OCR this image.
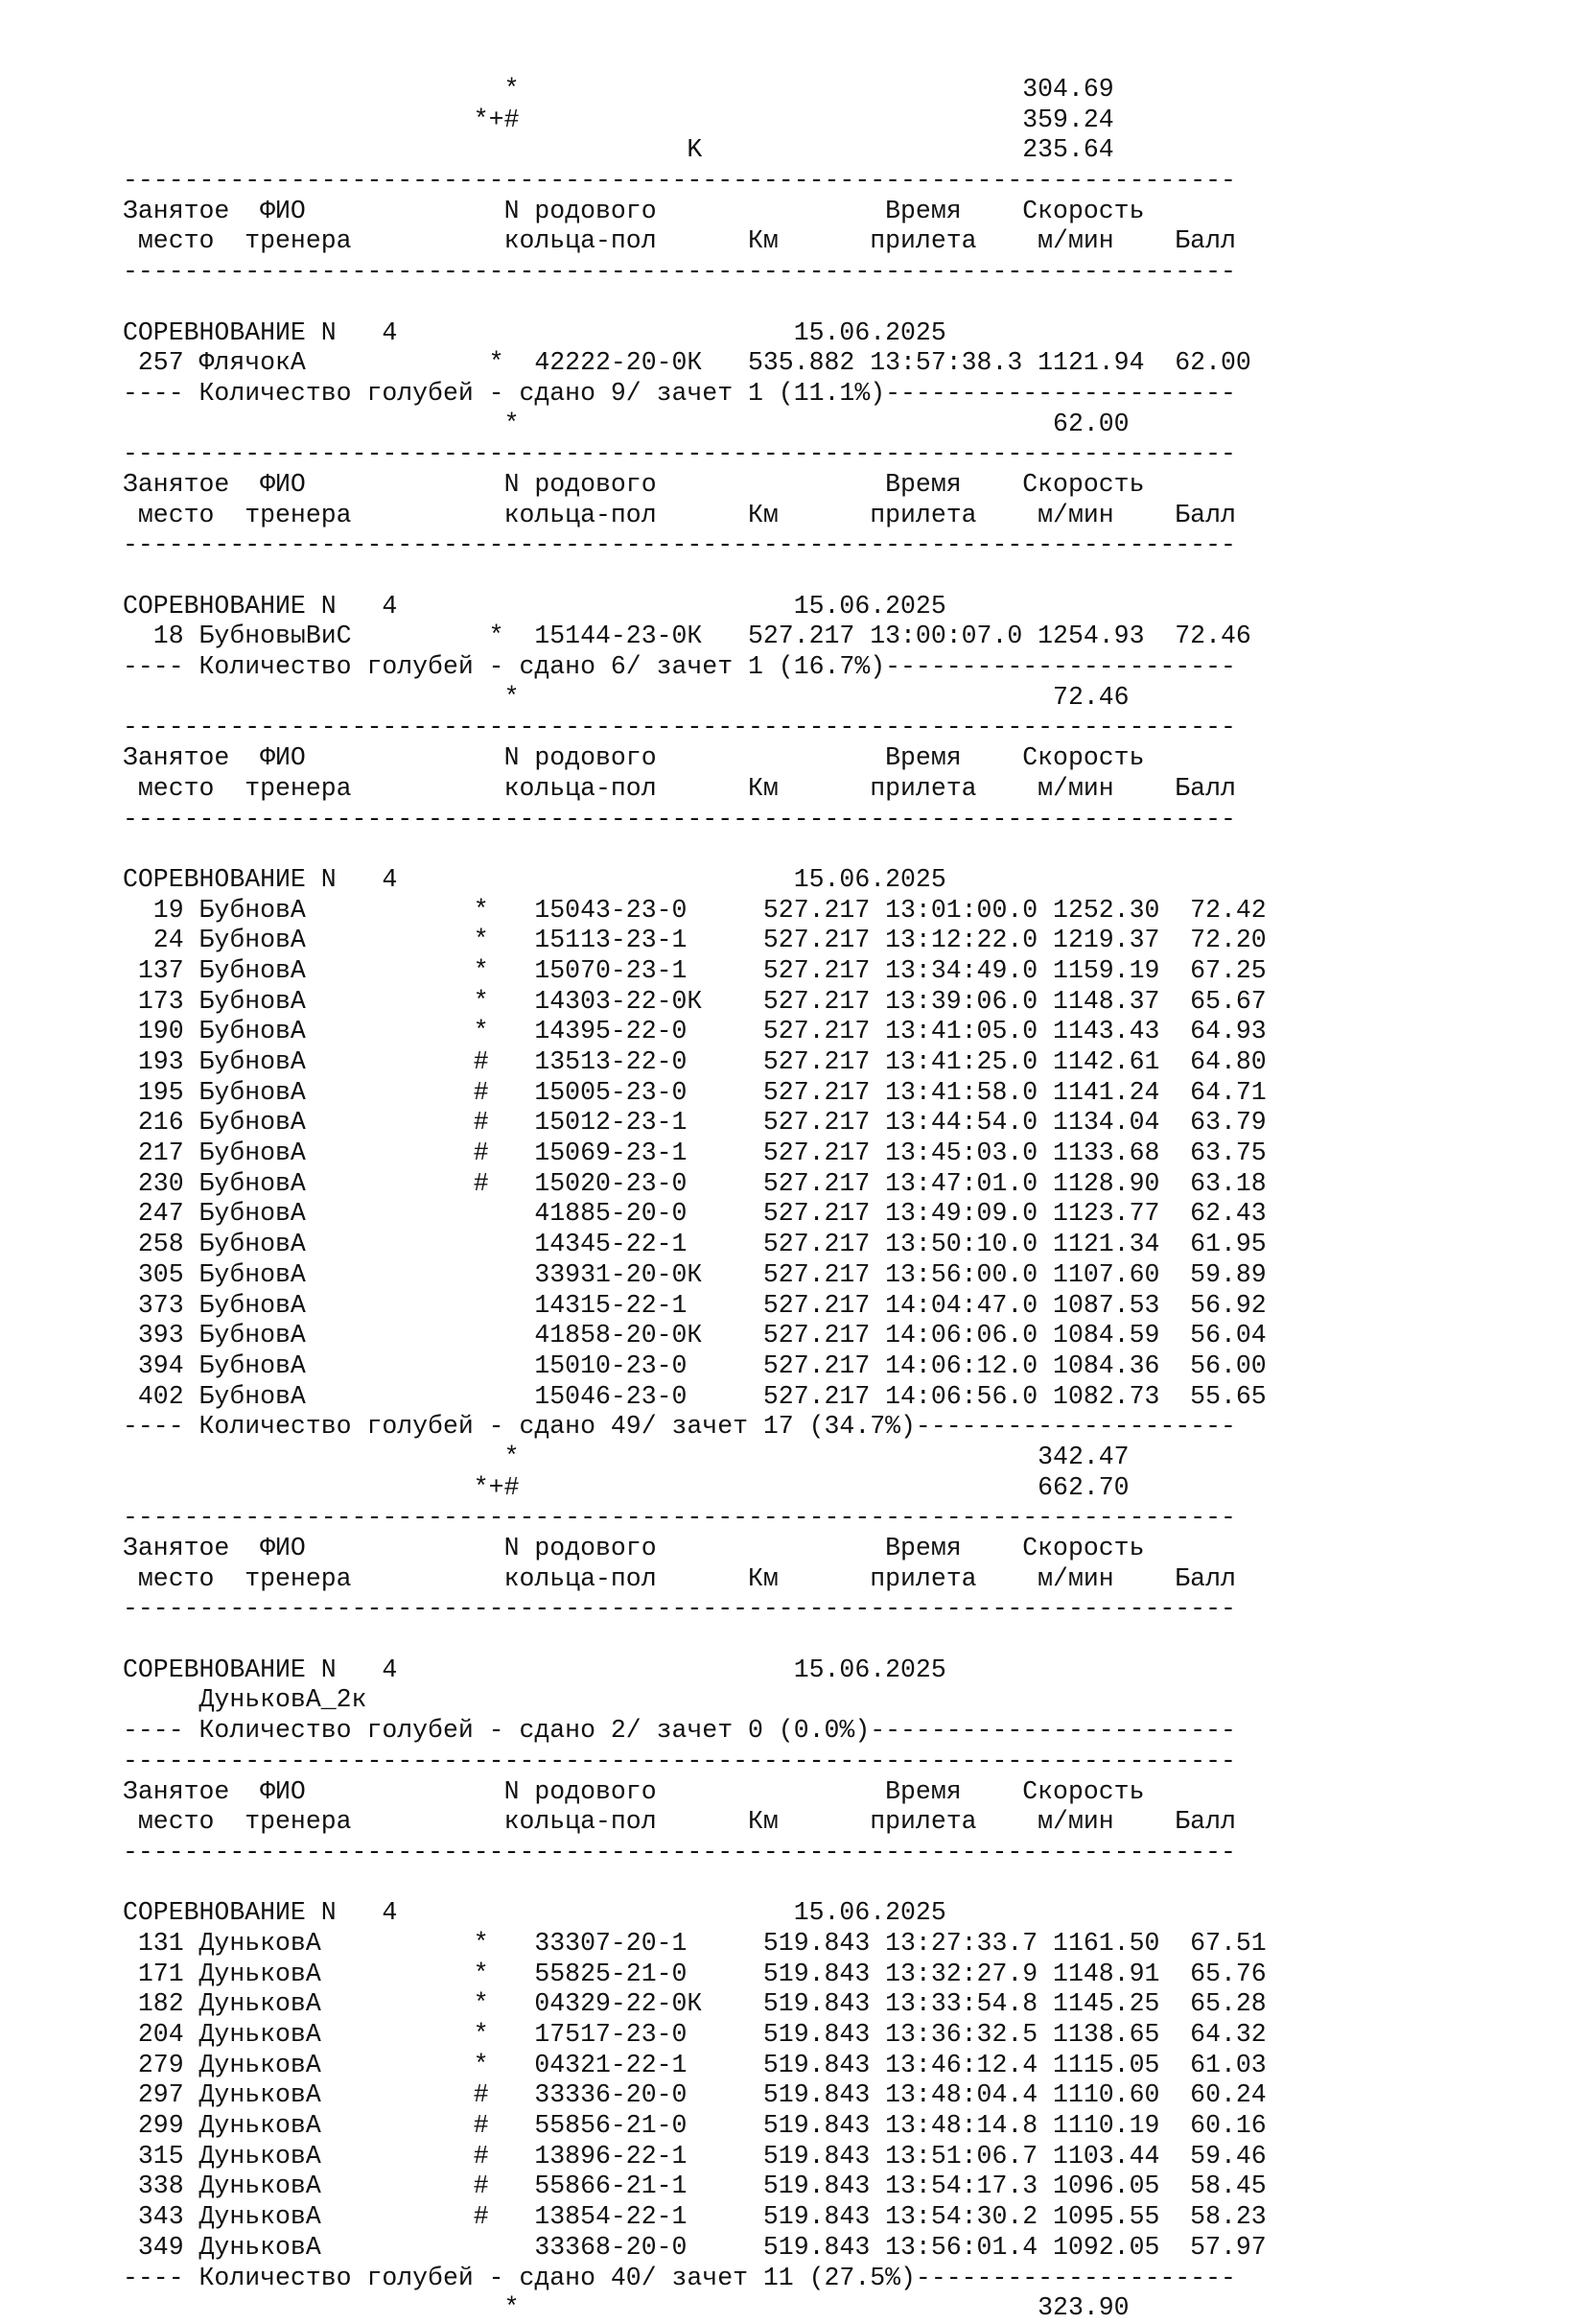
*                                 304.69
*+#                                 359.24
K                     235.64
-------------------------------------------------------------------------
Занятое  ФИО             N родового               Время    Скорость
место  тренера          кольца-пол      Км      прилета    м/мин    Балл
-------------------------------------------------------------------------
СОРЕВНОВАНИЕ N   4                          15.06.2025
257 ФлячокА            *  42222-20-0К   535.882 13:57:38.3 1121.94  62.00
---- Количество голубей - сдано 9/ зачет 1 (11.1%)-----------------------
*                                   62.00
-------------------------------------------------------------------------
Занятое  ФИО             N родового               Время    Скорость
место  тренера          кольца-пол      Км      прилета    м/мин    Балл
-------------------------------------------------------------------------
СОРЕВНОВАНИЕ N   4                          15.06.2025
18 БубновыВиС         *  15144-23-0К   527.217 13:00:07.0 1254.93  72.46
---- Количество голубей - сдано 6/ зачет 1 (16.7%)-----------------------
*                                   72.46
-------------------------------------------------------------------------
Занятое  ФИО             N родового               Время    Скорость
место  тренера          кольца-пол      Км      прилета    м/мин    Балл
-------------------------------------------------------------------------
СОРЕВНОВАНИЕ N   4                          15.06.2025
19 БубновА           *   15043-23-0     527.217 13:01:00.0 1252.30  72.42
24 БубновА           *   15113-23-1     527.217 13:12:22.0 1219.37  72.20
137 БубновА           *   15070-23-1     527.217 13:34:49.0 1159.19  67.25
173 БубновА           *   14303-22-0К    527.217 13:39:06.0 1148.37  65.67
190 БубновА           *   14395-22-0     527.217 13:41:05.0 1143.43  64.93
193 БубновА           #   13513-22-0     527.217 13:41:25.0 1142.61  64.80
195 БубновА           #   15005-23-0     527.217 13:41:58.0 1141.24  64.71
216 БубновА           #   15012-23-1     527.217 13:44:54.0 1134.04  63.79
217 БубновА           #   15069-23-1     527.217 13:45:03.0 1133.68  63.75
230 БубновА           #   15020-23-0     527.217 13:47:01.0 1128.90  63.18
247 БубновА               41885-20-0     527.217 13:49:09.0 1123.77  62.43
258 БубновА               14345-22-1     527.217 13:50:10.0 1121.34  61.95
305 БубновА               33931-20-0К    527.217 13:56:00.0 1107.60  59.89
373 БубновА               14315-22-1     527.217 14:04:47.0 1087.53  56.92
393 БубновА               41858-20-0К    527.217 14:06:06.0 1084.59  56.04
394 БубновА               15010-23-0     527.217 14:06:12.0 1084.36  56.00
402 БубновА               15046-23-0     527.217 14:06:56.0 1082.73  55.65
---- Количество голубей - сдано 49/ зачет 17 (34.7%)---------------------
*                                  342.47
*+#                                  662.70
-------------------------------------------------------------------------
Занятое  ФИО             N родового               Время    Скорость
место  тренера          кольца-пол      Км      прилета    м/мин    Балл
-------------------------------------------------------------------------
СОРЕВНОВАНИЕ N   4                          15.06.2025
ДуньковА_2к
---- Количество голубей - сдано 2/ зачет 0 (0.0%)------------------------
-------------------------------------------------------------------------
Занятое  ФИО             N родового               Время    Скорость
место  тренера          кольца-пол      Км      прилета    м/мин    Балл
-------------------------------------------------------------------------
СОРЕВНОВАНИЕ N   4                          15.06.2025
131 ДуньковА          *   33307-20-1     519.843 13:27:33.7 1161.50  67.51
171 ДуньковА          *   55825-21-0     519.843 13:32:27.9 1148.91  65.76
182 ДуньковА          *   04329-22-0К    519.843 13:33:54.8 1145.25  65.28
204 ДуньковА          *   17517-23-0     519.843 13:36:32.5 1138.65  64.32
279 ДуньковА          *   04321-22-1     519.843 13:46:12.4 1115.05  61.03
297 ДуньковА          #   33336-20-0     519.843 13:48:04.4 1110.60  60.24
299 ДуньковА          #   55856-21-0     519.843 13:48:14.8 1110.19  60.16
315 ДуньковА          #   13896-22-1     519.843 13:51:06.7 1103.44  59.46
338 ДуньковА          #   55866-21-1     519.843 13:54:17.3 1096.05  58.45
343 ДуньковА          #   13854-22-1     519.843 13:54:30.2 1095.55  58.23
349 ДуньковА              33368-20-0     519.843 13:56:01.4 1092.05  57.97
---- Количество голубей - сдано 40/ зачет 11 (27.5%)---------------------
*                                  323.90
